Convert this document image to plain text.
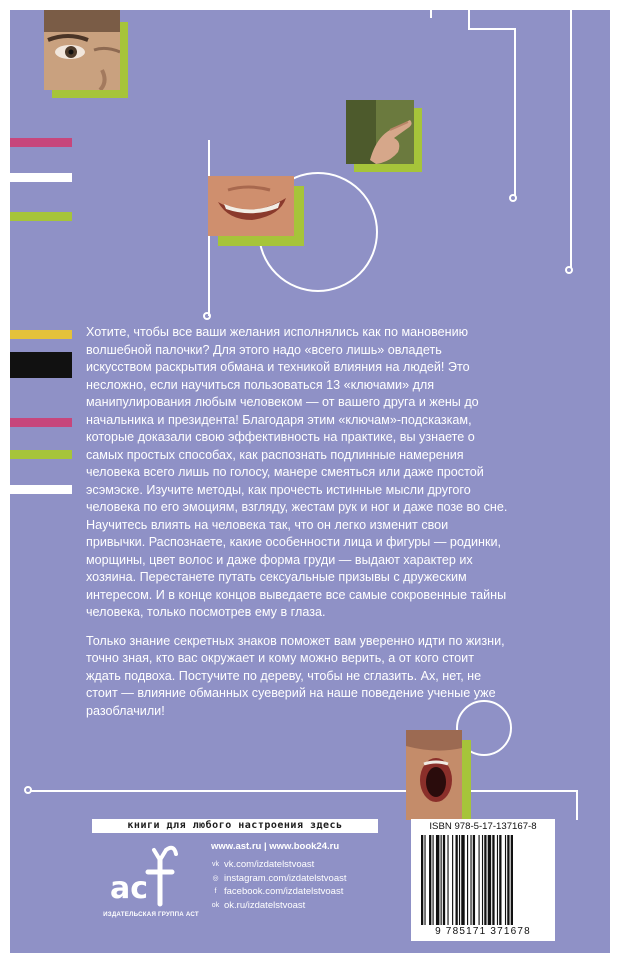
Хотите, чтобы все ваши желания исполнялись как по мановению волшебной палочки? Для этого надо «всего лишь» овладеть искусством раскрытия обмана и техникой влияния на людей! Это несложно, если научиться пользоваться 13 «ключами» для манипулирования любым человеком — от вашего друга и жены до начальника и президента! Благодаря этим «ключам»-подсказкам, которые доказали свою эффективность на практике, вы узнаете о самых простых способах, как распознать подлинные намерения человека всего лишь по голосу, манере смеяться или даже простой эсэмэске. Изучите методы, как прочесть истинные мысли другого человека по его эмоциям, взгляду, жестам рук и ног и даже позе во сне. Научитесь влиять на человека так, что он легко изменит свои привычки. Распознаете, какие особенности лица и фигуры — родинки, морщины, цвет волос и даже форма груди — выдают характер их хозяина. Перестанете путать сексуальные призывы с дружеским интересом. И в конце концов выведаете все самые сокровенные тайны человека, только посмотрев ему в глаза.

Только знание секретных знаков поможет вам уверенно идти по жизни, точно зная, кто вас окружает и кому можно верить, а от кого стоит ждать подвоха. Постучите по дереву, чтобы не сглазить. Ах, нет, не стоит — влияние обманных суеверий на наше поведение ученые уже разоблачили!

книги для любого настроения здесь
ac
ИЗДАТЕЛЬСКАЯ ГРУППА АСТ
www.ast.ru | www.book24.ru
vk vk.com/izdatelstvoast
◎ instagram.com/izdatelstvoast
f facebook.com/izdatelstvoast
ok ok.ru/izdatelstvoast
ISBN 978-5-17-137167-8
9 785171 371678
